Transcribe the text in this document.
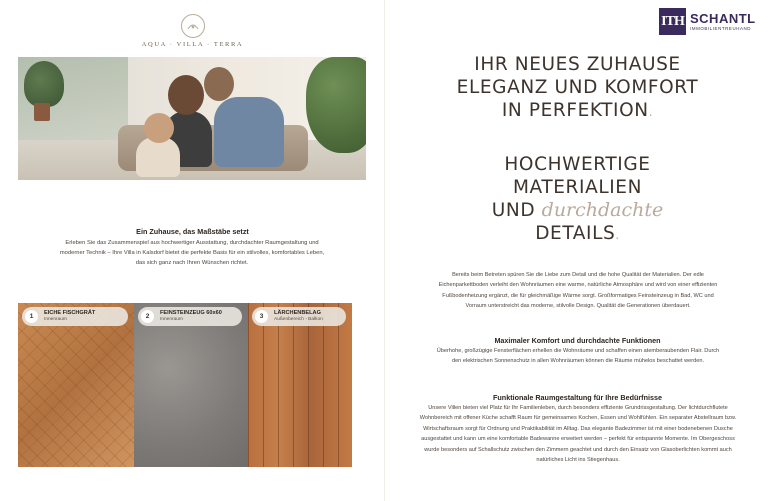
AQUA · VILLA · TERRA
Ein Zuhause, das Maßstäbe setzt
Erleben Sie das Zusammenspiel aus hochwertiger Ausstattung, durchdachter Raumgestaltung und moderner Technik – Ihre Villa in Kalsdorf bietet die perfekte Basis für ein stilvolles, komfortables Leben, das sich ganz nach Ihren Wünschen richtet.
1	EICHE FISCHGRÄT
Innenraum	2	FEINSTEINZEUG 60x60
Innenraum	3	LÄRCHENBELAG
Außenbereich - Balkon
ITH SCHANTL
IMMOBILIENTREUHAND
IHR NEUES ZUHAUSE
ELEGANZ UND KOMFORT
IN PERFEKTION.
HOCHWERTIGE
MATERIALIEN
UND durchdachte
DETAILS.
Bereits beim Betreten spüren Sie die Liebe zum Detail und die hohe Qualität der Materialien. Der edle Eichenparkettboden verleiht den Wohnräumen eine warme, natürliche Atmosphäre und wird von einer effizienten Fußbodenheizung ergänzt, die für gleichmäßige Wärme sorgt. Großformatiges Feinsteinzeug in Bad, WC und Vorraum unterstreicht das moderne, stilvolle Design. Qualität die Generationen überdauert.
Maximaler Komfort und durchdachte Funktionen
Überhohe, großzügige Fensterflächen erhellen die Wohnräume und schaffen einen atemberaubenden Flair. Durch den elektrischen Sonnenschutz in allen Wohnräumen können die Räume mühelos beschattet werden.
Funktionale Raumgestaltung für Ihre Bedürfnisse
Unsere Villen bieten viel Platz für Ihr Familienleben, durch besonders effiziente Grundrissgestaltung. Der lichtdurchflutete Wohnbereich mit offener Küche schafft Raum für gemeinsames Kochen, Essen und Wohlfühlen. Ein separater Abstellraum bzw. Wirtschaftsraum sorgt für Ordnung und Praktikabilität im Alltag. Das elegante Badezimmer ist mit einer bodenebenen Dusche ausgestattet und kann um eine komfortable Badewanne erweitert werden – perfekt für entspannte Momente. Im Obergeschoss wurde besonders auf Schallschutz zwischen den Zimmern geachtet und durch den Einsatz von Glasoberlichten kommt auch natürliches Licht ins Stiegenhaus.
